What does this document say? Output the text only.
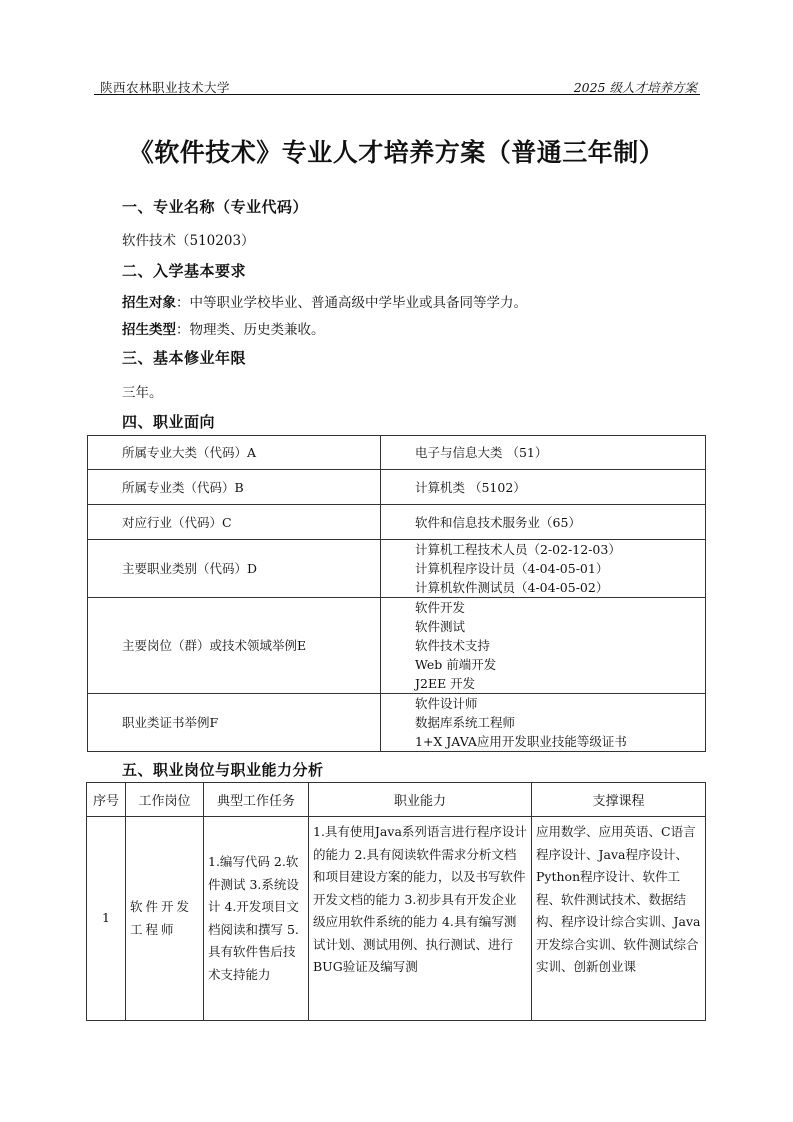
陕西农林职业技术大学	2025 级人才培养方案
《软件技术》专业人才培养方案（普通三年制）
一、专业名称（专业代码）
软件技术（510203）
二、入学基本要求
招生对象：中等职业学校毕业、普通高级中学毕业或具备同等学力。
招生类型：物理类、历史类兼收。
三、基本修业年限
三年。
四、职业面向
所属专业大类（代码）A	电子与信息大类 （51）
所属专业类（代码）B	计算机类 （5102）
对应行业（代码）C	软件和信息技术服务业（65）
主要职业类别（代码）D	计算机工程技术人员（2-02-12-03）
计算机程序设计员（4-04-05-01）
计算机软件测试员（4-04-05-02）

主要岗位（群）或技术领域举例E	软件开发
软件测试
软件技术支持
Web 前端开发
J2EE 开发

职业类证书举例F	软件设计师
数据库系统工程师
1+X JAVA应用开发职业技能等级证书
五、职业岗位与职业能力分析
序号	工作岗位	典型工作任务	职业能力	支撑课程
1	软件开发工程师	1.编写代码 2.软件测试 3.系统设计 4.开发项目文档阅读和撰写 5.具有软件售后技术支持能力	1.具有使用Java系列语言进行程序设计的能力 2.具有阅读软件需求分析文档和项目建设方案的能力，以及书写软件开发文档的能力 3.初步具有开发企业级应用软件系统的能力 4.具有编写测试计划、测试用例、执行测试、进行BUG验证及编写测	应用数学、应用英语、C语言程序设计、Java程序设计、Python程序设计、软件工程、软件测试技术、数据结构、程序设计综合实训、Java开发综合实训、软件测试综合实训、创新创业课
